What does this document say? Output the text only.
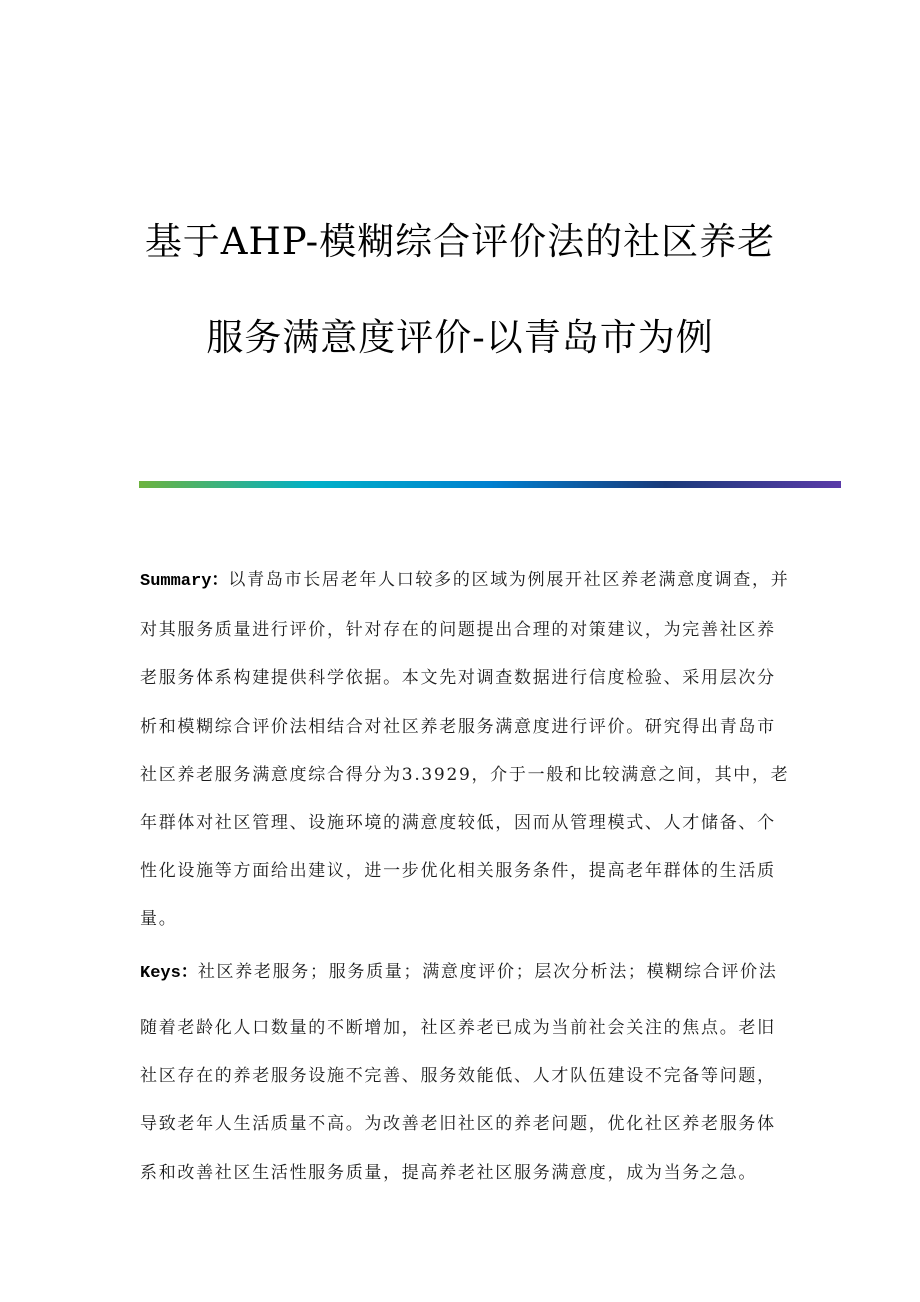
基于AHP-模糊综合评价法的社区养老
服务满意度评价-以青岛市为例
Summary：以青岛市长居老年人口较多的区域为例展开社区养老满意度调查，并
对其服务质量进行评价，针对存在的问题提出合理的对策建议，为完善社区养
老服务体系构建提供科学依据。本文先对调查数据进行信度检验、采用层次分
析和模糊综合评价法相结合对社区养老服务满意度进行评价。研究得出青岛市
社区养老服务满意度综合得分为3.3929，介于一般和比较满意之间，其中，老
年群体对社区管理、设施环境的满意度较低，因而从管理模式、人才储备、个
性化设施等方面给出建议，进一步优化相关服务条件，提高老年群体的生活质
量。
Keys：社区养老服务；服务质量；满意度评价；层次分析法；模糊综合评价法
随着老龄化人口数量的不断增加，社区养老已成为当前社会关注的焦点。老旧
社区存在的养老服务设施不完善、服务效能低、人才队伍建设不完备等问题，
导致老年人生活质量不高。为改善老旧社区的养老问题，优化社区养老服务体
系和改善社区生活性服务质量，提高养老社区服务满意度，成为当务之急。
